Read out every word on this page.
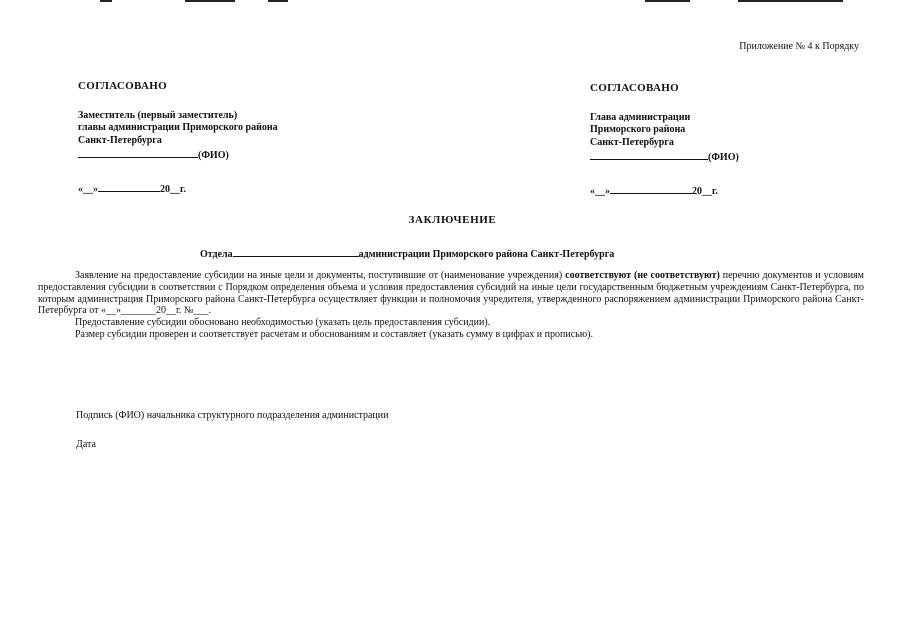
Приложение № 4 к Порядку
СОГЛАСОВАНО
Заместитель (первый заместитель)
главы администрации Приморского района
Санкт-Петербурга
(ФИО)
«__»	20__г.
СОГЛАСОВАНО
Глава администрации
Приморского района
Санкт-Петербурга
(ФИО)
«__»	20__г.
ЗАКЛЮЧЕНИЕ
Отдела	администрации Приморского района Санкт-Петербурга

Заявление на предоставление субсидии на иные цели и документы, поступившие от (наименование учреждения) соответствуют (не соответствуют) перечню документов и условиям предоставления субсидии в соответствии с Порядком определения объема и условия предоставления субсидий на иные цели государственным бюджетным учреждениям Санкт-Петербурга, по которым администрация Приморского района Санкт-Петербурга осуществляет функции и полномочия учредителя, утвержденного распоряжением администрации Приморского района Санкт-Петербурга от «__»_______20__г. №___.

Предоставление субсидии обосновано необходимостью (указать цель предоставления субсидии).

Размер субсидии проверен и соответствует расчетам и обоснованиям и составляет (указать сумму в цифрах и прописью).

Подпись (ФИО) начальника структурного подразделения администрации
Дата
